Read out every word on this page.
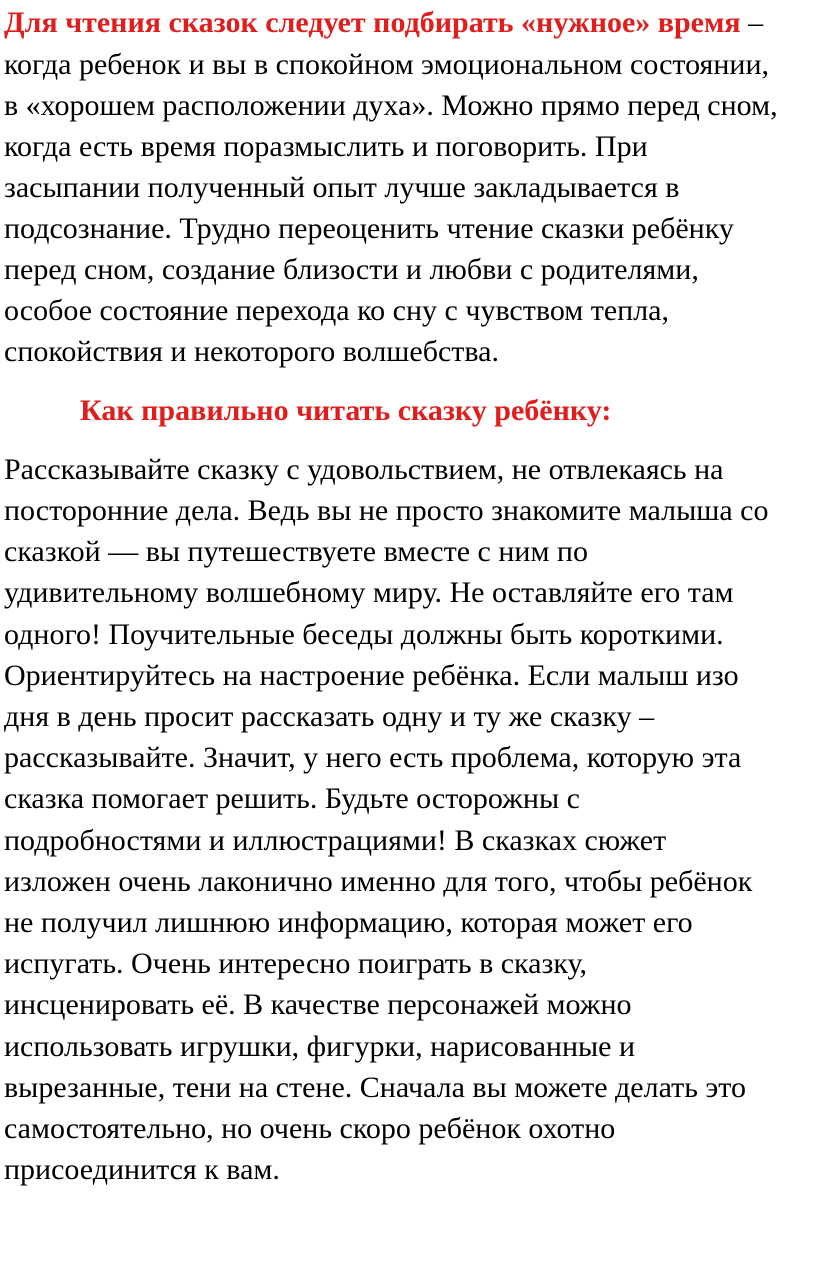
Для чтения сказок следует подбирать «нужное» время –
когда ребенок и вы в спокойном эмоциональном состоянии,
в «хорошем расположении духа». Можно прямо перед сном,
когда есть время поразмыслить и поговорить. При
засыпании полученный опыт лучше закладывается в
подсознание. Трудно переоценить чтение сказки ребёнку
перед сном, создание близости и любви с родителями,
особое состояние перехода ко сну с чувством тепла,
спокойствия и некоторого волшебства.
Как правильно читать сказку ребёнку:
Рассказывайте сказку с удовольствием, не отвлекаясь на
посторонние дела. Ведь вы не просто знакомите малыша со
сказкой — вы путешествуете вместе с ним по
удивительному волшебному миру. Не оставляйте его там
одного! Поучительные беседы должны быть короткими.
Ориентируйтесь на настроение ребёнка. Если малыш изо
дня в день просит рассказать одну и ту же сказку –
рассказывайте. Значит, у него есть проблема, которую эта
сказка помогает решить. Будьте осторожны с
подробностями и иллюстрациями! В сказках сюжет
изложен очень лаконично именно для того, чтобы ребёнок
не получил лишнюю информацию, которая может его
испугать. Очень интересно поиграть в сказку,
инсценировать её. В качестве персонажей можно
использовать игрушки, фигурки, нарисованные и
вырезанные, тени на стене. Сначала вы можете делать это
самостоятельно, но очень скоро ребёнок охотно
присоединится к вам.
